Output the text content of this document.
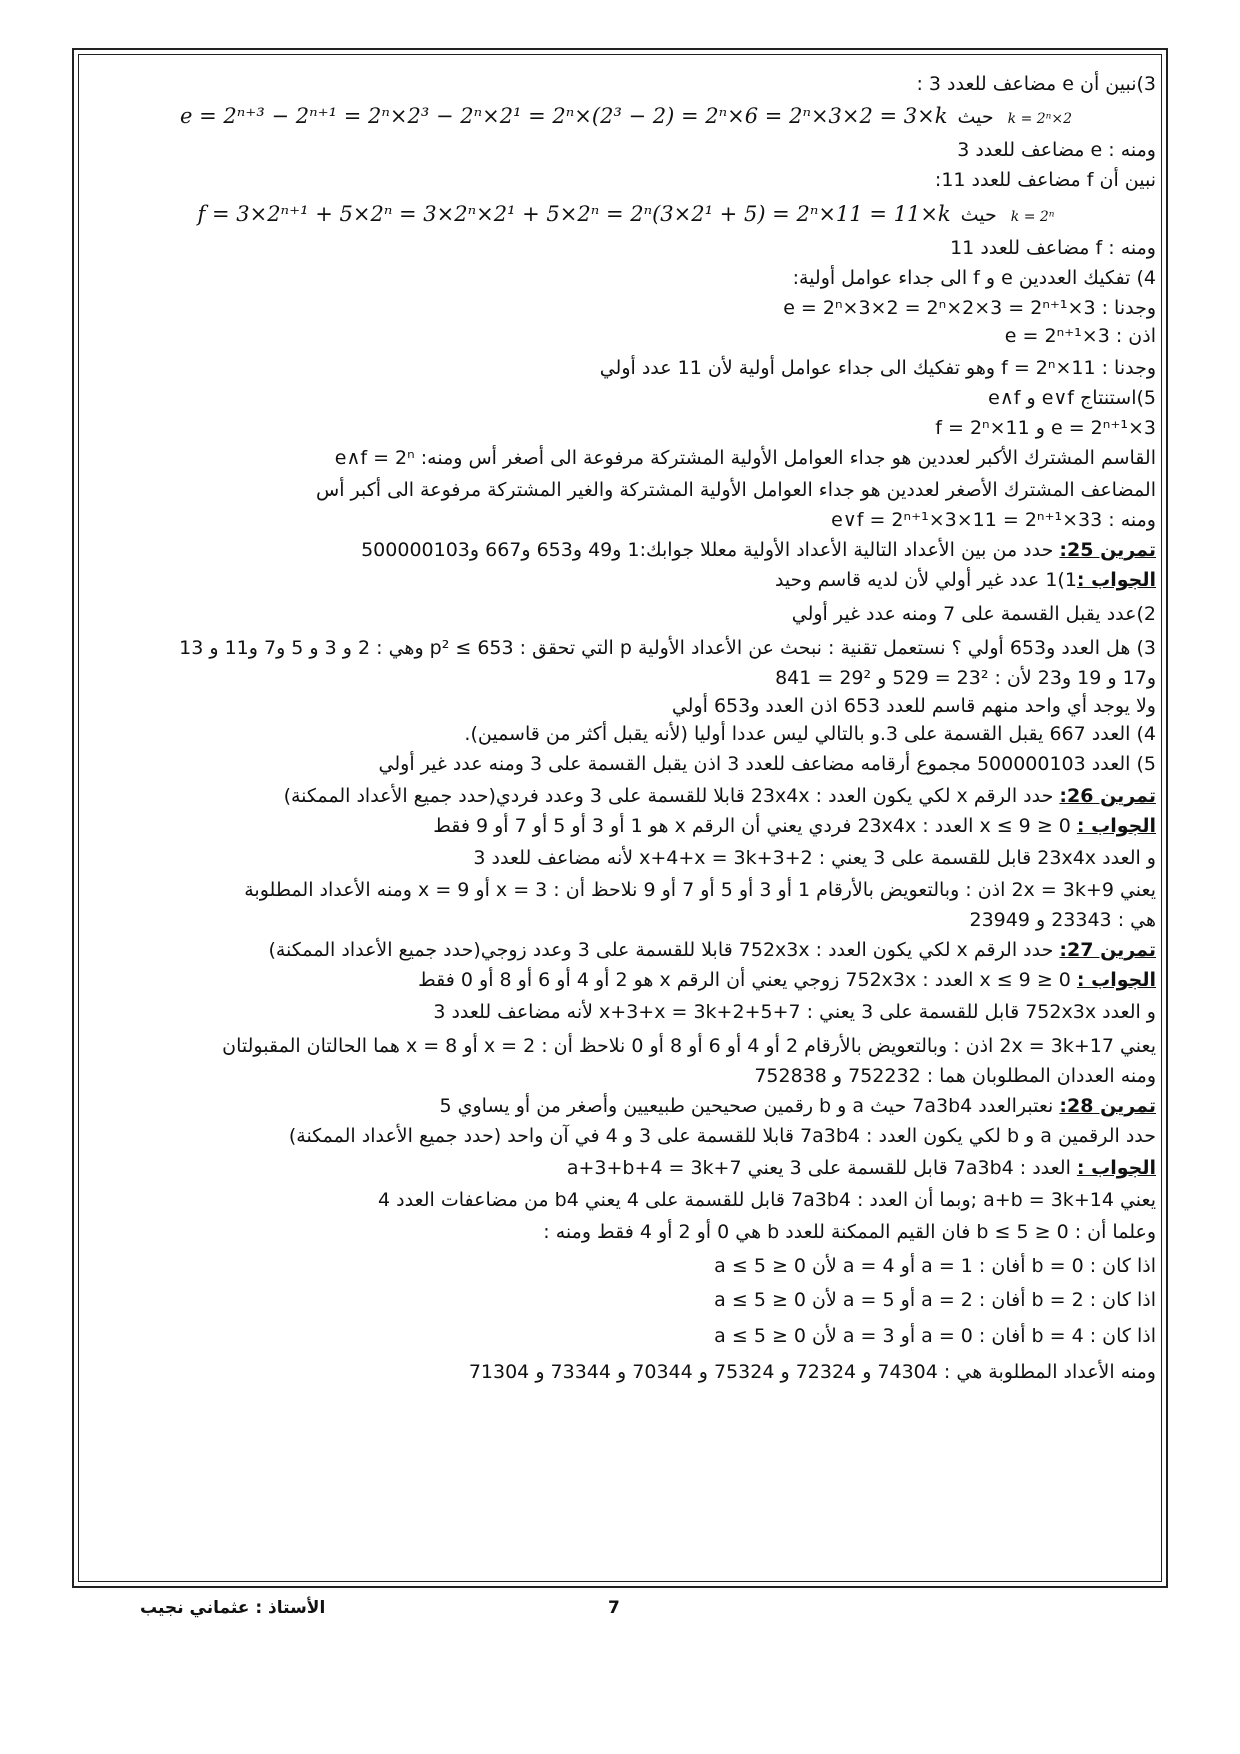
3)نبين أن e مضاعف للعدد 3 :
k = 2ⁿ×2حيثe = 2ⁿ⁺³ − 2ⁿ⁺¹ = 2ⁿ×2³ − 2ⁿ×2¹ = 2ⁿ×(2³ − 2) = 2ⁿ×6 = 2ⁿ×3×2 = 3×k
ومنه : e مضاعف للعدد 3
نبين أن f مضاعف للعدد 11:
k = 2ⁿحيثf = 3×2ⁿ⁺¹ + 5×2ⁿ = 3×2ⁿ×2¹ + 5×2ⁿ = 2ⁿ(3×2¹ + 5) = 2ⁿ×11 = 11×k
ومنه : f مضاعف للعدد 11
4) تفكيك العددين e و f الى جداء عوامل أولية:
وجدنا : e = 2ⁿ×3×2 = 2ⁿ×2×3 = 2ⁿ⁺¹×3
اذن : e = 2ⁿ⁺¹×3
وجدنا : f = 2ⁿ×11 وهو تفكيك الى جداء عوامل أولية لأن 11 عدد أولي
5)استنتاج e∨f و e∧f
e = 2ⁿ⁺¹×3 و f = 2ⁿ×11
القاسم المشترك الأكبر لعددين هو جداء العوامل الأولية المشتركة مرفوعة الى أصغر أس ومنه: e∧f = 2ⁿ
المضاعف المشترك الأصغر لعددين هو جداء العوامل الأولية المشتركة والغير المشتركة مرفوعة الى أكبر أس
ومنه : e∨f = 2ⁿ⁺¹×3×11 = 2ⁿ⁺¹×33
تمرين 25: حدد من بين الأعداد التالية الأعداد الأولية معللا جوابك:1 و49 و653 و667 و500000103
الجواب :1)1 عدد غير أولي لأن لديه قاسم وحيد
2)عدد يقبل القسمة على 7 ومنه عدد غير أولي
3) هل العدد و653 أولي ؟ نستعمل تقنية : نبحث عن الأعداد الأولية p التي تحقق : p² ≤ 653 وهي : 2 و 3 و 5 و7 و11 و 13
و17 و 19 و23 لأن : 23² = 529 و 29² = 841
ولا يوجد أي واحد منهم قاسم للعدد 653 اذن العدد و653 أولي
4) العدد 667 يقبل القسمة على 3.و بالتالي ليس عددا أوليا (لأنه يقبل أكثر من قاسمين).
5) العدد 500000103 مجموع أرقامه مضاعف للعدد 3 اذن يقبل القسمة على 3 ومنه عدد غير أولي
تمرين 26: حدد الرقم x لكي يكون العدد : 23x4x قابلا للقسمة على 3 وعدد فردي(حدد جميع الأعداد الممكنة)
الجواب : 0 ≤ x ≤ 9 العدد : 23x4x فردي يعني أن الرقم x هو 1 أو 3 أو 5 أو 7 أو 9 فقط
و العدد 23x4x قابل للقسمة على 3 يعني : 2+3+x+4+x = 3k لأنه مضاعف للعدد 3
يعني 9+2x = 3k اذن : وبالتعويض بالأرقام 1 أو 3 أو 5 أو 7 أو 9 نلاحظ أن : x = 3 أو x = 9 ومنه الأعداد المطلوبة
هي : 23343 و 23949
تمرين 27: حدد الرقم x لكي يكون العدد : 752x3x قابلا للقسمة على 3 وعدد زوجي(حدد جميع الأعداد الممكنة)
الجواب : 0 ≤ x ≤ 9 العدد : 752x3x زوجي يعني أن الرقم x هو 2 أو 4 أو 6 أو 8 أو 0 فقط
و العدد 752x3x قابل للقسمة على 3 يعني : 7+5+2+x+3+x = 3k لأنه مضاعف للعدد 3
يعني 17+2x = 3k اذن : وبالتعويض بالأرقام 2 أو 4 أو 6 أو 8 أو 0 نلاحظ أن : x = 2 أو x = 8 هما الحالتان المقبولتان
ومنه العددان المطلوبان هما : 752232 و 752838
تمرين 28: نعتبرالعدد 7a3b4 حيث a و b رقمين صحيحين طبيعيين وأصغر من أو يساوي 5
حدد الرقمين a و b لكي يكون العدد : 7a3b4 قابلا للقسمة على 3 و 4 في آن واحد (حدد جميع الأعداد الممكنة)
الجواب : العدد : 7a3b4 قابل للقسمة على 3 يعني 7+a+3+b+4 = 3k
يعني 14+a+b = 3k ;وبما أن العدد : 7a3b4 قابل للقسمة على 4 يعني b4 من مضاعفات العدد 4
وعلما أن : 0 ≤ b ≤ 5 فان القيم الممكنة للعدد b هي 0 أو 2 أو 4 فقط ومنه :
اذا كان : b = 0 أفان : a = 1 أو a = 4 لأن 0 ≤ a ≤ 5
اذا كان : b = 2 أفان : a = 2 أو a = 5 لأن 0 ≤ a ≤ 5
اذا كان : b = 4 أفان : a = 0 أو a = 3 لأن 0 ≤ a ≤ 5
ومنه الأعداد المطلوبة هي : 74304 و 72324 و 75324 و 70344 و 73344 و 71304
الأستاذ : عثماني نجيب	7
